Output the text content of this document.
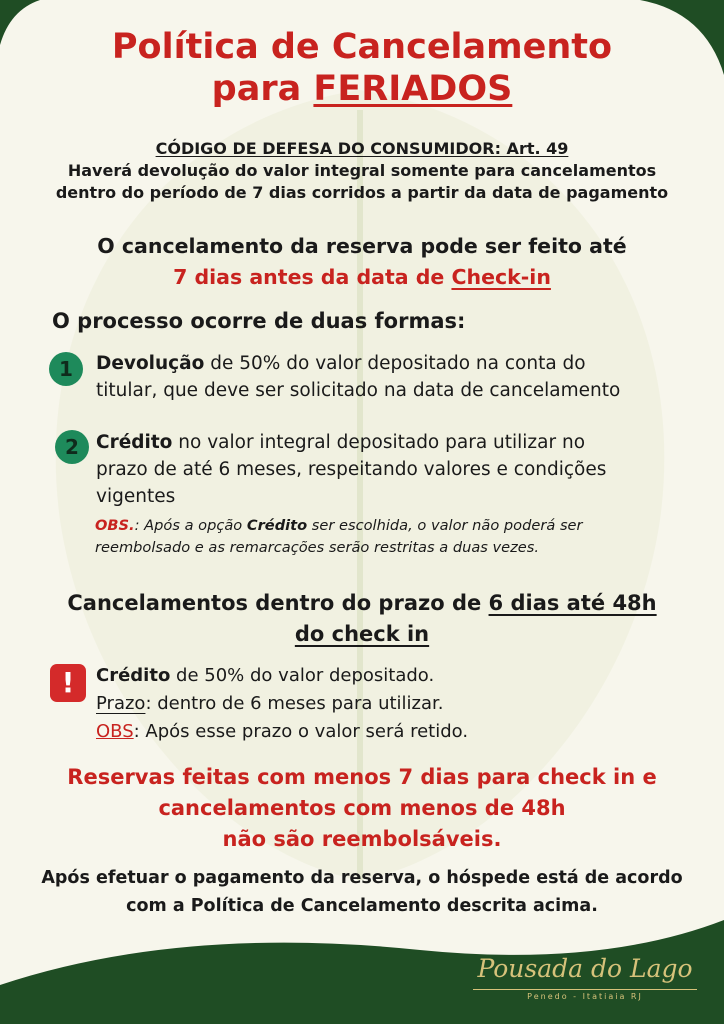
Política de Cancelamento
para FERIADOS
CÓDIGO DE DEFESA DO CONSUMIDOR: Art. 49
Haverá devolução do valor integral somente para cancelamentos
dentro do período de 7 dias corridos a partir da data de pagamento
O cancelamento da reserva pode ser feito até
7 dias antes da data de Check-in
O processo ocorre de duas formas:
1	Devolução de 50% do valor depositado na conta do
titular, que deve ser solicitado na data de cancelamento
2 Crédito no valor integral depositado para utilizar no
prazo de até 6 meses, respeitando valores e condições
vigentes
OBS.: Após a opção Crédito ser escolhida, o valor não poderá ser
reembolsado e as remarcações serão restritas a duas vezes.
Cancelamentos dentro do prazo de 6 dias até 48h
do check in
!	Crédito de 50% do valor depositado.
Prazo: dentro de 6 meses para utilizar.
OBS: Após esse prazo o valor será retido.
Reservas feitas com menos 7 dias para check in e
cancelamentos com menos de 48h
não são reembolsáveis.
Após efetuar o pagamento da reserva, o hóspede está de acordo
com a Política de Cancelamento descrita acima.
Pousada do Lago
Penedo - Itatiaia RJ
